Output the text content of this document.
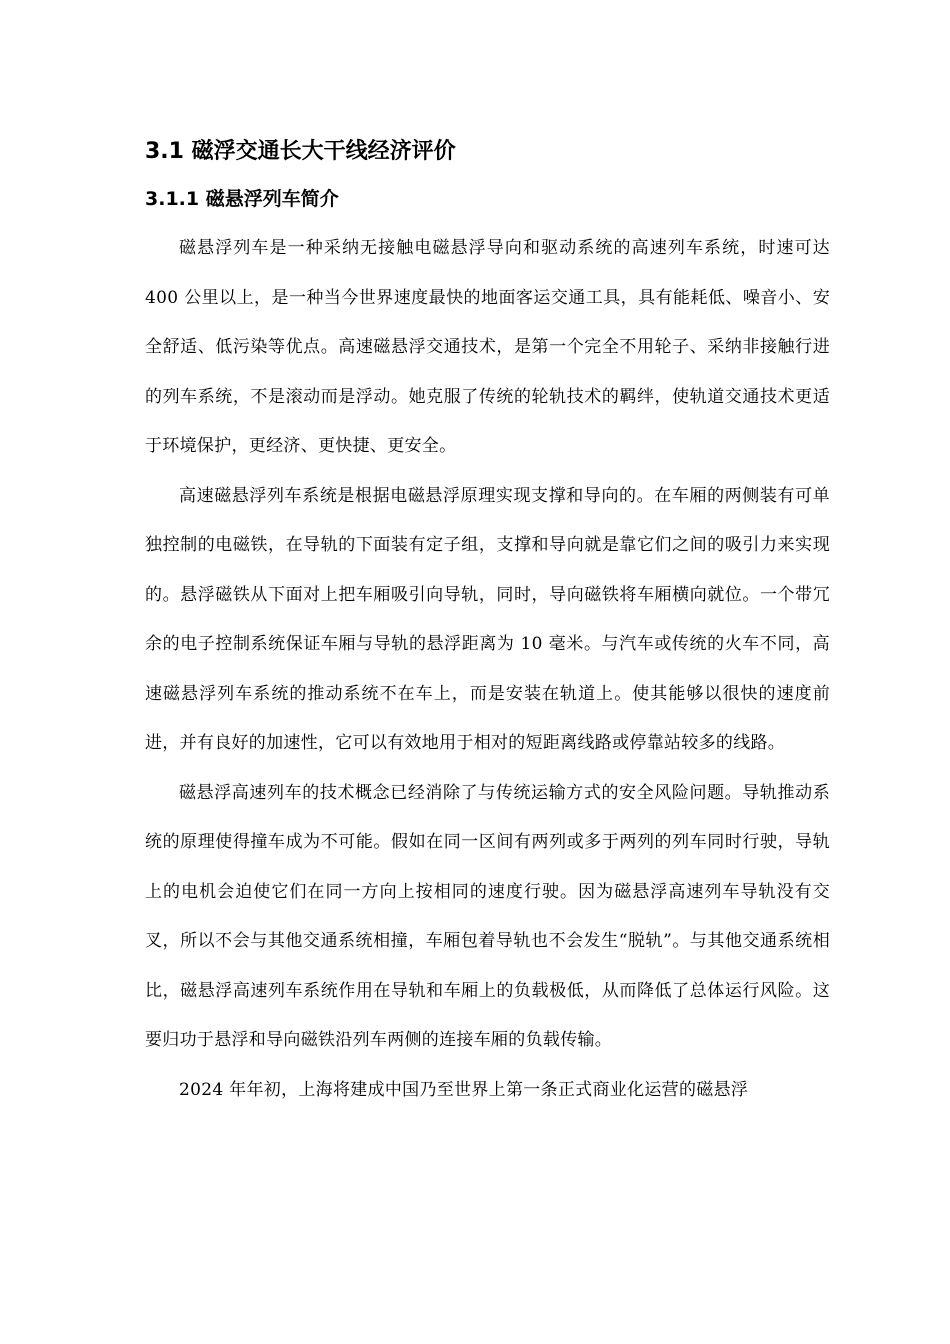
3.1 磁浮交通长大干线经济评价
3.1.1 磁悬浮列车简介

磁悬浮列车是一种采纳无接触电磁悬浮导向和驱动系统的高速列车系统，时速可达 400 公里以上，是一种当今世界速度最快的地面客运交通工具，具有能耗低、噪音小、安全舒适、低污染等优点。高速磁悬浮交通技术，是第一个完全不用轮子、采纳非接触行进的列车系统，不是滚动而是浮动。她克服了传统的轮轨技术的羁绊，使轨道交通技术更适于环境保护，更经济、更快捷、更安全。

高速磁悬浮列车系统是根据电磁悬浮原理实现支撑和导向的。在车厢的两侧装有可单独控制的电磁铁，在导轨的下面装有定子组，支撑和导向就是靠它们之间的吸引力来实现的。悬浮磁铁从下面对上把车厢吸引向导轨，同时，导向磁铁将车厢横向就位。一个带冗余的电子控制系统保证车厢与导轨的悬浮距离为 10 毫米。与汽车或传统的火车不同，高速磁悬浮列车系统的推动系统不在车上，而是安装在轨道上。使其能够以很快的速度前进，并有良好的加速性，它可以有效地用于相对的短距离线路或停靠站较多的线路。

磁悬浮高速列车的技术概念已经消除了与传统运输方式的安全风险问题。导轨推动系统的原理使得撞车成为不可能。假如在同一区间有两列或多于两列的列车同时行驶，导轨上的电机会迫使它们在同一方向上按相同的速度行驶。因为磁悬浮高速列车导轨没有交叉，所以不会与其他交通系统相撞，车厢包着导轨也不会发生“脱轨”。与其他交通系统相比，磁悬浮高速列车系统作用在导轨和车厢上的负载极低，从而降低了总体运行风险。这要归功于悬浮和导向磁铁沿列车两侧的连接车厢的负载传输。

2024 年年初，上海将建成中国乃至世界上第一条正式商业化运营的磁悬浮
